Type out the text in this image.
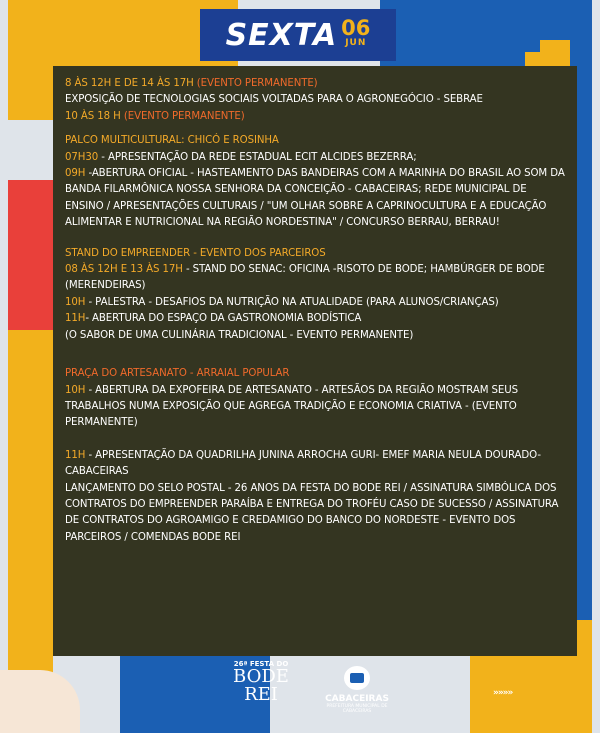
SEXTA 06
JUN

8 ÀS 12H E DE 14 ÀS 17H (EVENTO PERMANENTE)

EXPOSIÇÃO DE TECNOLOGIAS SOCIAIS VOLTADAS PARA O AGRONEGÓCIO - SEBRAE

10 ÀS 18 H (EVENTO PERMANENTE)

PALCO MULTICULTURAL: CHICÓ E ROSINHA

07H30 - APRESENTAÇÃO DA REDE ESTADUAL ECIT ALCIDES BEZERRA;

09H -ABERTURA OFICIAL - HASTEAMENTO DAS BANDEIRAS COM A MARINHA DO BRASIL AO SOM DA BANDA FILARMÔNICA NOSSA SENHORA DA CONCEIÇÃO - CABACEIRAS; REDE MUNICIPAL DE ENSINO / APRESENTAÇÕES CULTURAIS / "UM OLHAR SOBRE A CAPRINOCULTURA E A EDUCAÇÃO ALIMENTAR E NUTRICIONAL NA REGIÃO NORDESTINA" / CONCURSO BERRAU, BERRAU!

STAND DO EMPREENDER - EVENTO DOS PARCEIROS

08 ÀS 12H E 13 ÀS 17H - STAND DO SENAC: OFICINA -RISOTO DE BODE; HAMBÚRGER DE BODE (MERENDEIRAS)

10H - PALESTRA - DESAFIOS DA NUTRIÇÃO NA ATUALIDADE (PARA ALUNOS/CRIANÇAS)

11H- ABERTURA DO ESPAÇO DA GASTRONOMIA BODÍSTICA

(O SABOR DE UMA CULINÁRIA TRADICIONAL - EVENTO PERMANENTE)

PRAÇA DO ARTESANATO - ARRAIAL POPULAR

10H - ABERTURA DA EXPOFEIRA DE ARTESANATO - ARTESÃOS DA REGIÃO MOSTRAM SEUS TRABALHOS NUMA EXPOSIÇÃO QUE AGREGA TRADIÇÃO E ECONOMIA CRIATIVA - (EVENTO PERMANENTE)

11H - APRESENTAÇÃO DA QUADRILHA JUNINA ARROCHA GURI- EMEF MARIA NEULA DOURADO-CABACEIRAS

LANÇAMENTO DO SELO POSTAL - 26 ANOS DA FESTA DO BODE REI / ASSINATURA SIMBÓLICA DOS CONTRATOS DO EMPREENDER PARAÍBA E ENTREGA DO TROFÉU CASO DE SUCESSO / ASSINATURA DE CONTRATOS DO AGROAMIGO E CREDAMIGO DO BANCO DO NORDESTE - EVENTO DOS PARCEIROS / COMENDAS BODE REI

26ª FESTA DO
BODE
REI	CABACEIRAS
PREFEITURA MUNICIPAL DE CABACEIRAS
»»»»
